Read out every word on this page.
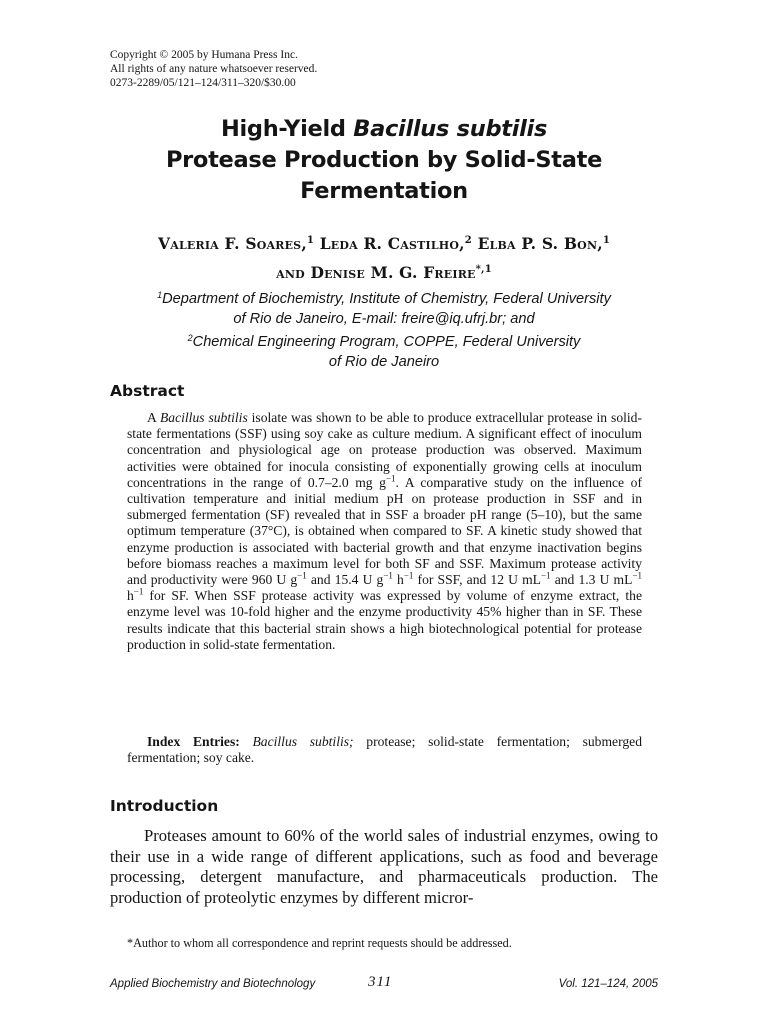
Copyright © 2005 by Humana Press Inc.
All rights of any nature whatsoever reserved.
0273-2289/05/121–124/311–320/$30.00
High-Yield Bacillus subtilis
Protease Production by Solid-State
Fermentation
Valeria F. Soares,$^1$ Leda R. Castilho,$^2$ Elba P. S. Bon,$^1$
and Denise M. G. Freire$^{*,1}$
$^1$Department of Biochemistry, Institute of Chemistry, Federal University
of Rio de Janeiro, E-mail: freire@iq.ufrj.br; and
$^2$Chemical Engineering Program, COPPE, Federal University
of Rio de Janeiro
Abstract
A Bacillus subtilis isolate was shown to be able to produce extracellular protease in solid-state fermentations (SSF) using soy cake as culture medium. A significant effect of inoculum concentration and physiological age on protease production was observed. Maximum activities were obtained for inocula consisting of exponentially growing cells at inoculum concentrations in the range of 0.7–2.0 mg $g^{-1}$. A comparative study on the influence of cultivation temperature and initial medium pH on protease production in SSF and in submerged fermentation (SF) revealed that in SSF a broader pH range (5–10), but the same optimum temperature (37°C), is obtained when compared to SF. A kinetic study showed that enzyme production is associated with bacterial growth and that enzyme inactivation begins before biomass reaches a maximum level for both SF and SSF. Maximum protease activity and productivity were 960 U $g^{-1}$ and 15.4 U $g^{-1}$ $h^{-1}$ for SSF, and 12 U $mL^{-1}$ and 1.3 U $mL^{-1}$ $h^{-1}$ for SF. When SSF protease activity was expressed by volume of enzyme extract, the enzyme level was 10-fold higher and the enzyme productivity 45% higher than in SF. These results indicate that this bacterial strain shows a high biotechnological potential for protease production in solid-state fermentation.
Index Entries: Bacillus subtilis; protease; solid-state fermentation; submerged fermentation; soy cake.
Introduction
Proteases amount to 60% of the world sales of industrial enzymes, owing to their use in a wide range of different applications, such as food and beverage processing, detergent manufacture, and pharmaceuticals production. The production of proteolytic enzymes by different micror-
*Author to whom all correspondence and reprint requests should be addressed.
Applied Biochemistry and Biotechnology	311	Vol. 121–124, 2005
